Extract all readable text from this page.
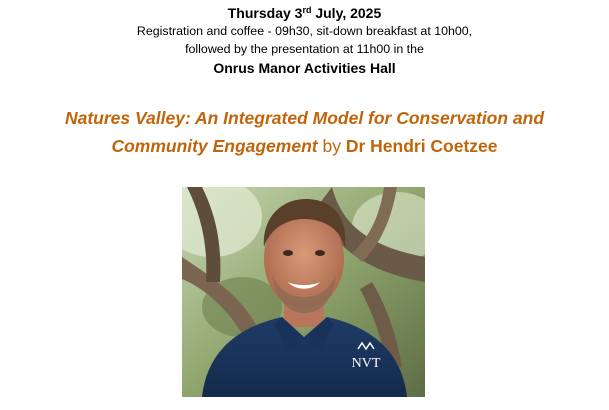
Thursday 3rd July, 2025

Registration and coffee - 09h30, sit-down breakfast at 10h00,

followed by the presentation at 11h00 in the

Onrus Manor Activities Hall

Natures Valley: An Integrated Model for Conservation and
Community Engagement by Dr Hendri Coetzee
NVT
